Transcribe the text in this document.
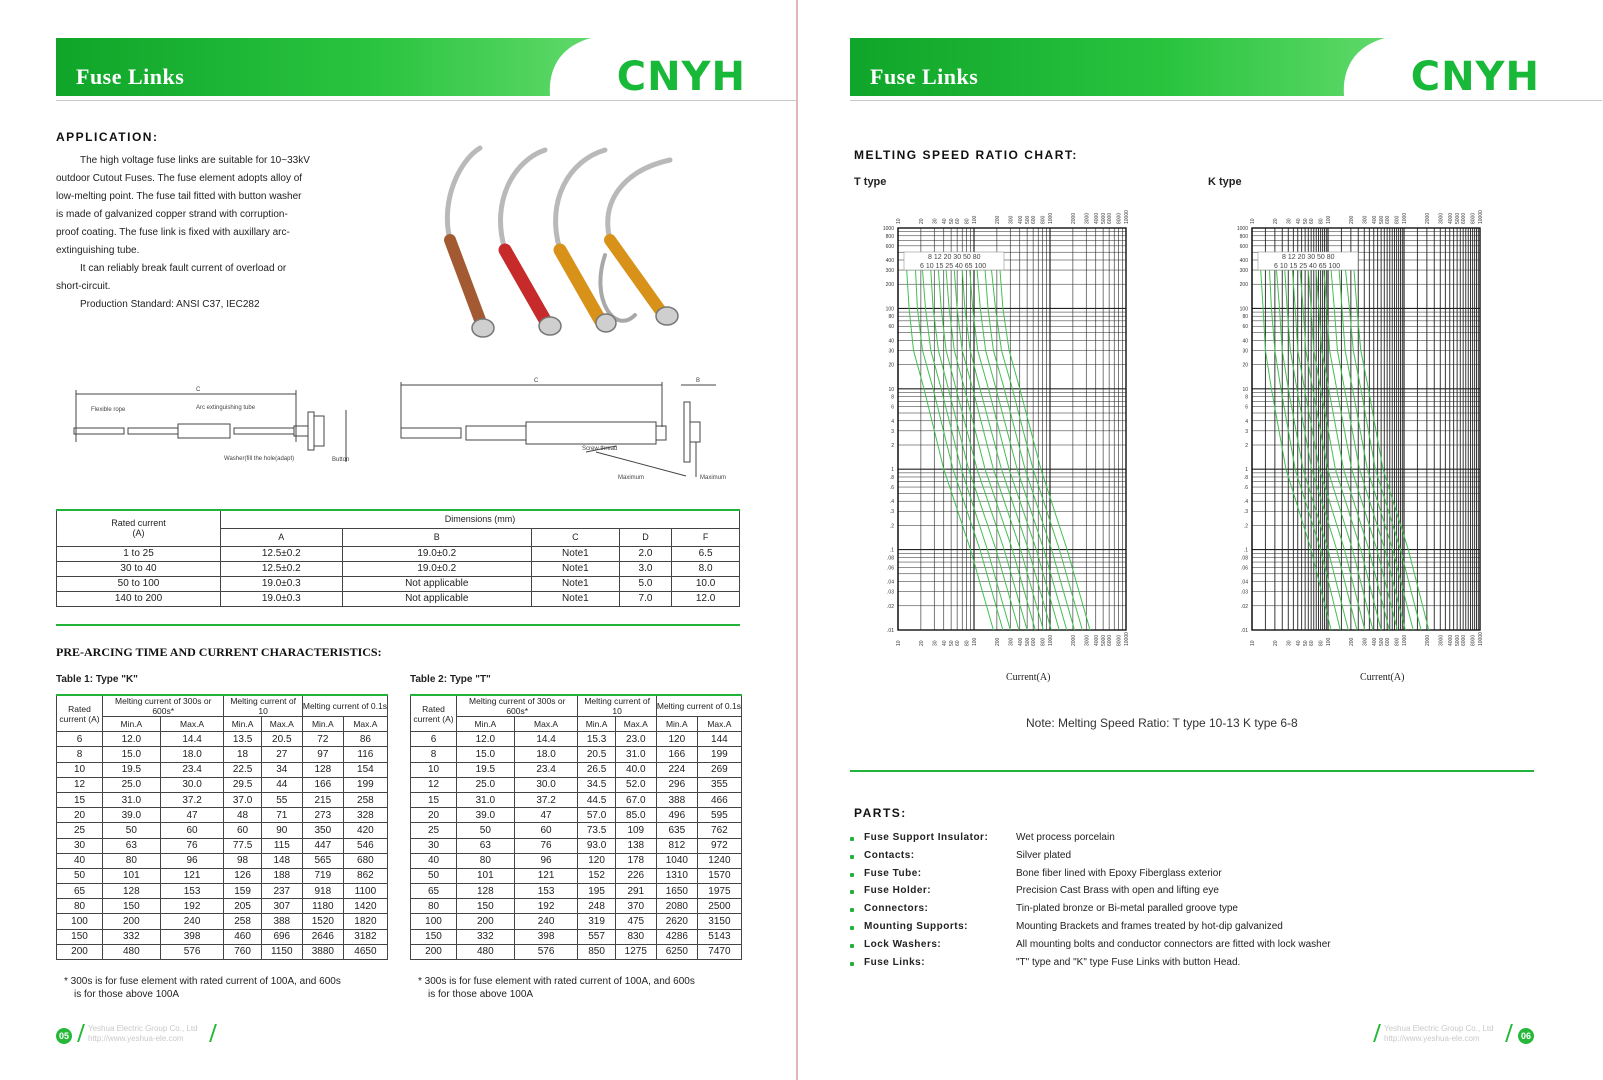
Fuse Links	CNYH
APPLICATION:

The high voltage fuse links are suitable for 10~33kV

outdoor Cutout Fuses. The fuse element adopts alloy of

low-melting point. The fuse tail fitted with button washer

is made of galvanized copper strand with corruption-

proof coating. The fuse link is fixed with auxillary arc-

extinguishing tube.

It can reliably break fault current of overload or

short-circuit.

Production Standard: ANSI C37, IEC282

C
Flexible rope	Arc extinguishing tube
Washer(fill the hole(adapt)	Button
C	B
Screw thread
Maximum	Maximum
Rated current
(A)	Dimensions (mm)				
	A	B	C	D	F
1 to 25	12.5±0.2	19.0±0.2	Note1	2.0	6.5
30 to 40	12.5±0.2	19.0±0.2	Note1	3.0	8.0
50 to 100	19.0±0.3	Not applicable	Note1	5.0	10.0
140 to 200	19.0±0.3	Not applicable	Note1	7.0	12.0
PRE-ARCING TIME AND CURRENT CHARACTERISTICS:
Table 1: Type "K"	Table 2: Type "T"
Rated current (A)	Melting current of 300s or 600s*		Melting current of 10		Melting current of 0.1s	
	Min.A	Max.A	Min.A	Max.A	Min.A	Max.A
6	12.0	14.4	13.5	20.5	72	86
8	15.0	18.0	18	27	97	116
10	19.5	23.4	22.5	34	128	154
12	25.0	30.0	29.5	44	166	199
15	31.0	37.2	37.0	55	215	258
20	39.0	47	48	71	273	328
25	50	60	60	90	350	420
30	63	76	77.5	115	447	546
40	80	96	98	148	565	680
50	101	121	126	188	719	862
65	128	153	159	237	918	1100
80	150	192	205	307	1180	1420
100	200	240	258	388	1520	1820
150	332	398	460	696	2646	3182
200	480	576	760	1150	3880	4650
Rated current (A)	Melting current of 300s or 600s*		Melting current of 10		Melting current of 0.1s	
	Min.A	Max.A	Min.A	Max.A	Min.A	Max.A
6	12.0	14.4	15.3	23.0	120	144
8	15.0	18.0	20.5	31.0	166	199
10	19.5	23.4	26.5	40.0	224	269
12	25.0	30.0	34.5	52.0	296	355
15	31.0	37.2	44.5	67.0	388	466
20	39.0	47	57.0	85.0	496	595
25	50	60	73.5	109	635	762
30	63	76	93.0	138	812	972
40	80	96	120	178	1040	1240
50	101	121	152	226	1310	1570
65	128	153	195	291	1650	1975
80	150	192	248	370	2080	2500
100	200	240	319	475	2620	3150
150	332	398	557	830	4286	5143
200	480	576	850	1275	6250	7470
* 300s is for fuse element with rated current of 100A, and 600s
is for those above 100A
* 300s is for fuse element with rated current of 100A, and 600s
is for those above 100A
05
Yeshua Electric Group Co., Ltd
http://www.yeshua-ele.com
Fuse Links	CNYH
MELTING SPEED RATIO CHART:
T type	K type
8 12 20 30 50 80
6 10 15 25 40 65 100
1000
800
600
400
300
200
100
80
60
40
30
20
10
8
6
4
3
2
1
.8
.6
.4
.3
.2
.1
.08
.06
.04
.03
.02
.01
10
10
20
20
30
30
40
40
50
50
60
60
80
80
100
100
200
200
300
300
400
400
500
500
600
600
800
800
1000
1000
2000
2000
3000
3000
4000
4000
5000
5000
6000
6000
8000
8000
10000
10000
8 12 20 30 50 80
6 10 15 25 40 65 100
1000
800
600
400
300
200
100
80
60
40
30
20
10
8
6
4
3
2
1
.8
.6
.4
.3
.2
.1
.08
.06
.04
.03
.02
.01
10
10
20
20
30
30
40
40
50
50
60
60
80
80
100
100
200
200
300
300
400
400
500
500
600
600
800
800
1000
1000
2000
2000
3000
3000
4000
4000
5000
5000
6000
6000
8000
8000
10000
10000
Current(A)	Current(A)
Note: Melting Speed Ratio: T type 10-13 K type 6-8
PARTS:
Fuse Support Insulator:	Wet process porcelain
Contacts:	Silver plated
Fuse Tube:	Bone fiber lined with Epoxy Fiberglass exterior
Fuse Holder:	Precision Cast Brass with open and lifting eye
Connectors:	Tin-plated bronze or Bi-metal paralled groove type
Mounting Supports:	Mounting Brackets and frames treated by hot-dip galvanized
Lock Washers:	All mounting bolts and conductor connectors are fitted with lock washer
Fuse Links:	"T" type and "K" type Fuse Links with button Head.
Yeshua Electric Group Co., Ltd
http://www.yeshua-ele.com	06
